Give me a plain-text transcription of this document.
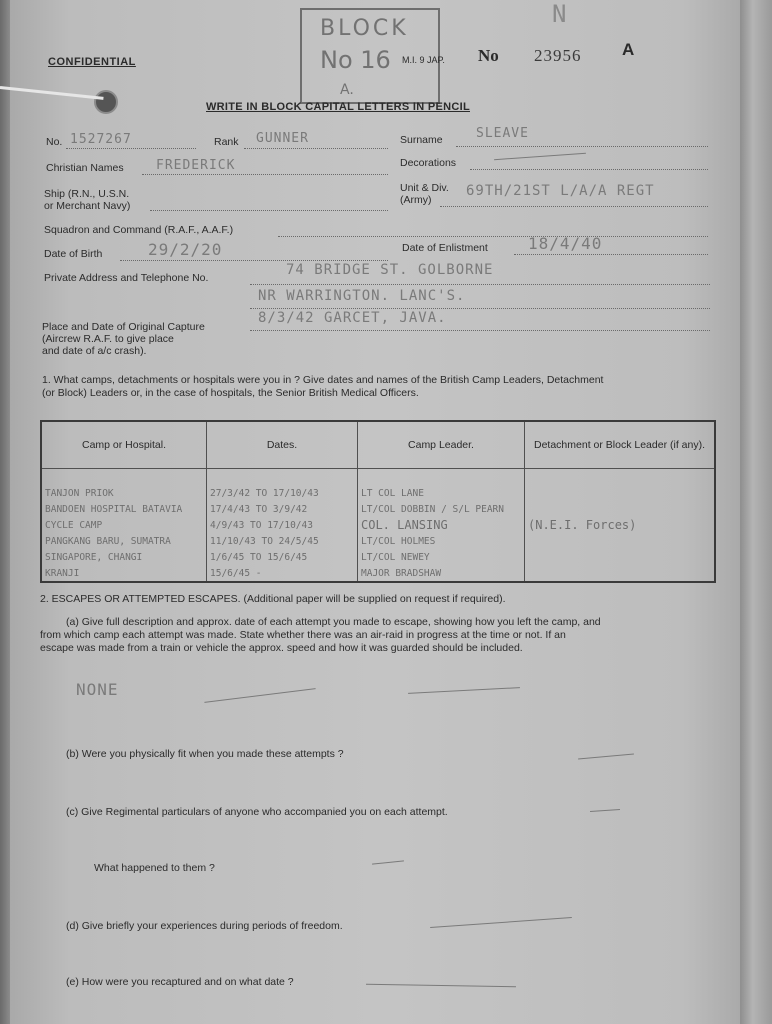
CONFIDENTIAL
BLOCK
No 16
A.
M.I. 9 JAP. No 23956 A
N
WRITE IN BLOCK CAPITAL LETTERS IN PENCIL
No. 1527267	Rank GUNNER	Surname	SLEAVE
Christian Names FREDERICK	Decorations
Ship (R.N., U.S.N.
or Merchant Navy)
Unit & Div.
(Army)
69TH/21ST L/A/A REGT
Squadron and Command (R.A.F., A.A.F.)
Date of Birth	29/2/20	Date of Enlistment	18/4/40
Private Address and Telephone No.	74 BRIDGE ST. GOLBORNE
NR WARRINGTON. LANC'S.
Place and Date of Original Capture
(Aircrew R.A.F. to give place
and date of a/c crash).
8/3/42 GARCET, JAVA.
1. What camps, detachments or hospitals were you in ? Give dates and names of the British Camp Leaders, Detachment
(or Block) Leaders or, in the case of hospitals, the Senior British Medical Officers.
Camp or Hospital.	Dates.	Camp Leader.	Detachment or Block Leader (if any).

TANJON PRIOK	27/3/42 TO 17/10/43	LT COL LANE	
BANDOEN HOSPITAL BATAVIA	17/4/43 TO 3/9/42	LT/COL DOBBIN / S/L PEARN	
CYCLE CAMP	4/9/43 TO 17/10/43	COL. LANSING	(N.E.I. Forces)
PANGKANG BARU, SUMATRA	11/10/43 TO 24/5/45	LT/COL HOLMES	
SINGAPORE, CHANGI	1/6/45 TO 15/6/45	LT/COL NEWEY	
KRANJI	15/6/45 -	MAJOR BRADSHAW	
2. ESCAPES OR ATTEMPTED ESCAPES. (Additional paper will be supplied on request if required).
(a) Give full description and approx. date of each attempt you made to escape, showing how you left the camp, and
from which camp each attempt was made. State whether there was an air-raid in progress at the time or not. If an
escape was made from a train or vehicle the approx. speed and how it was guarded should be included.
NONE
(b) Were you physically fit when you made these attempts ?
(c) Give Regimental particulars of anyone who accompanied you on each attempt.
What happened to them ?
(d) Give briefly your experiences during periods of freedom.
(e) How were you recaptured and on what date ?
